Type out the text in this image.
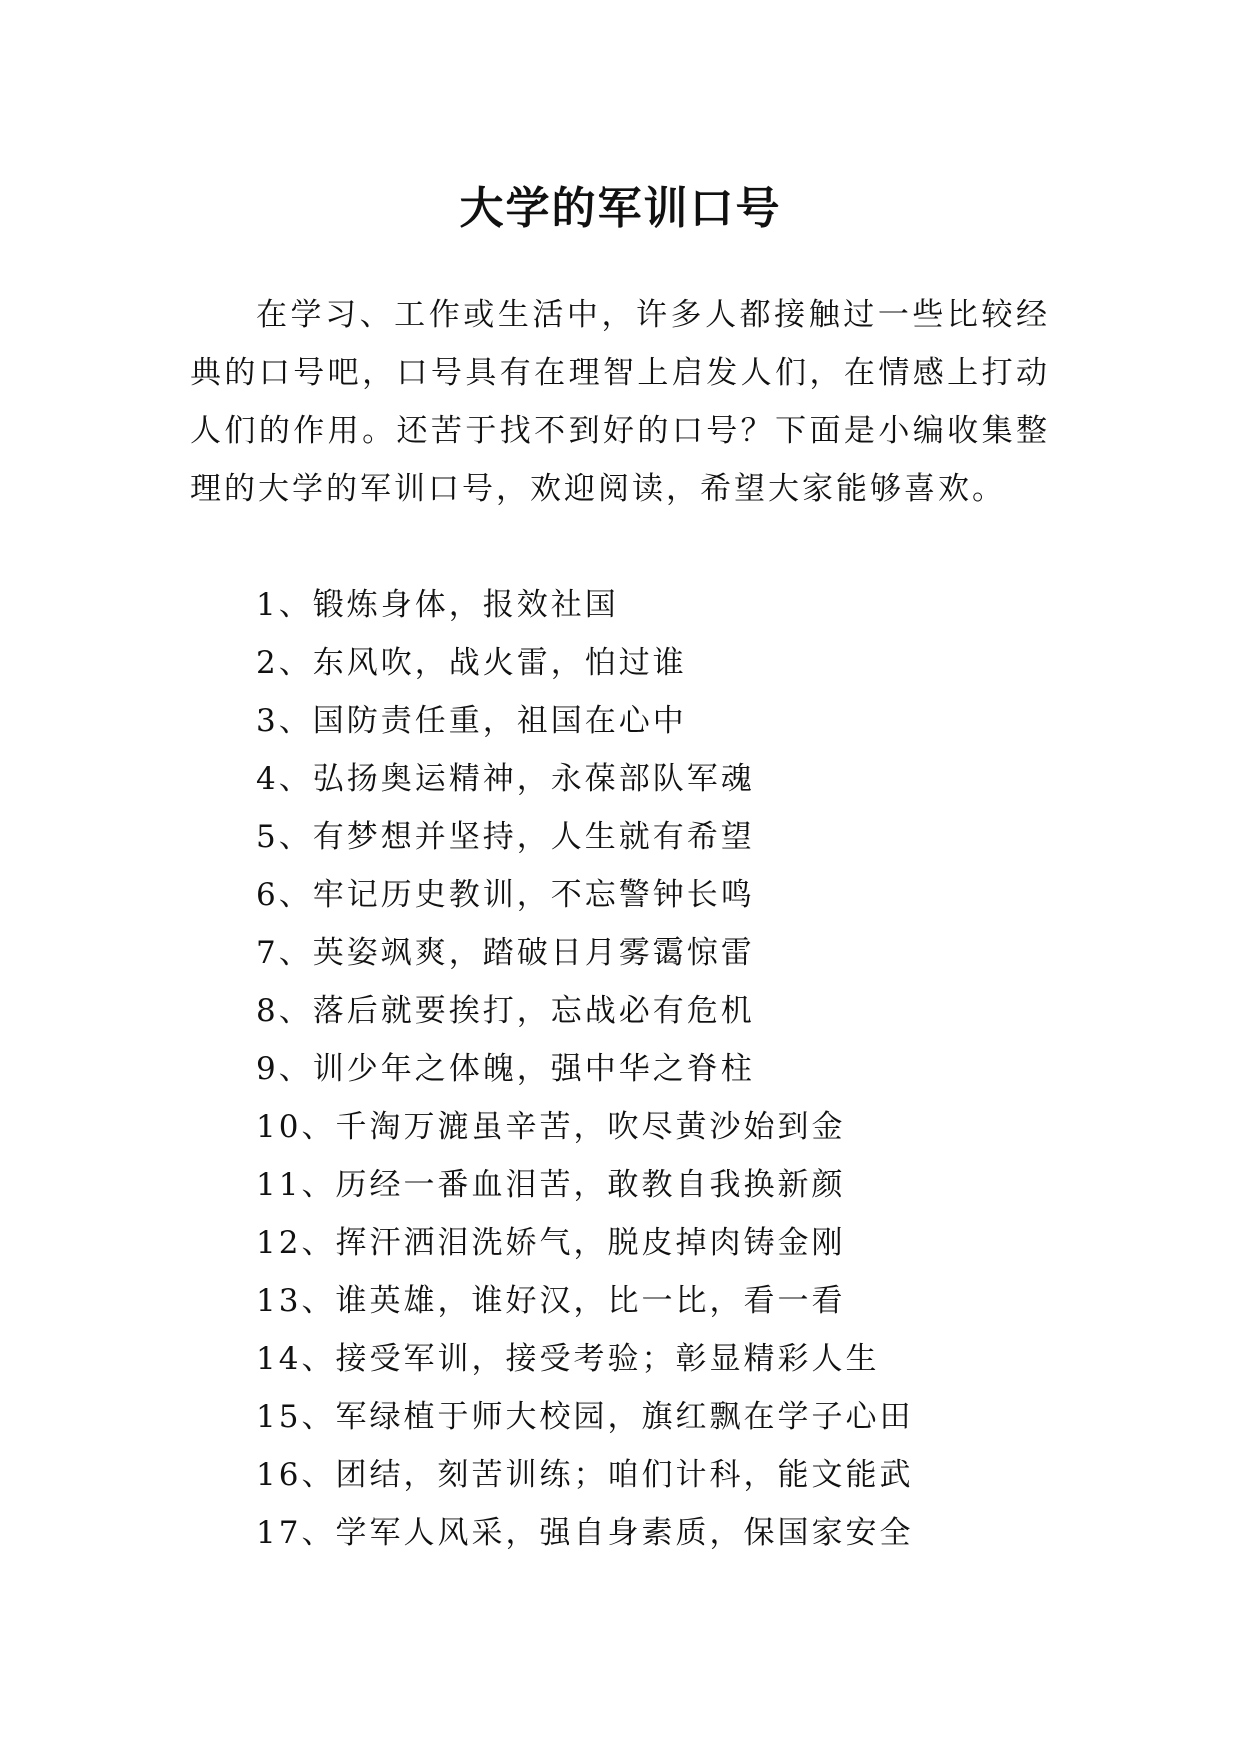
大学的军训口号

在学习、工作或生活中，许多人都接触过一些比较经典的口号吧，口号具有在理智上启发人们，在情感上打动人们的作用。还苦于找不到好的口号？下面是小编收集整理的大学的军训口号，欢迎阅读，希望大家能够喜欢。

1、锻炼身体，报效社国
2、东风吹，战火雷，怕过谁
3、国防责任重，祖国在心中
4、弘扬奥运精神，永葆部队军魂
5、有梦想并坚持，人生就有希望
6、牢记历史教训，不忘警钟长鸣
7、英姿飒爽，踏破日月雾霭惊雷
8、落后就要挨打，忘战必有危机
9、训少年之体魄，强中华之脊柱
10、千淘万漉虽辛苦，吹尽黄沙始到金
11、历经一番血泪苦，敢教自我换新颜
12、挥汗洒泪洗娇气，脱皮掉肉铸金刚
13、谁英雄，谁好汉，比一比，看一看
14、接受军训，接受考验；彰显精彩人生
15、军绿植于师大校园，旗红飘在学子心田
16、团结，刻苦训练；咱们计科，能文能武
17、学军人风采，强自身素质，保国家安全
